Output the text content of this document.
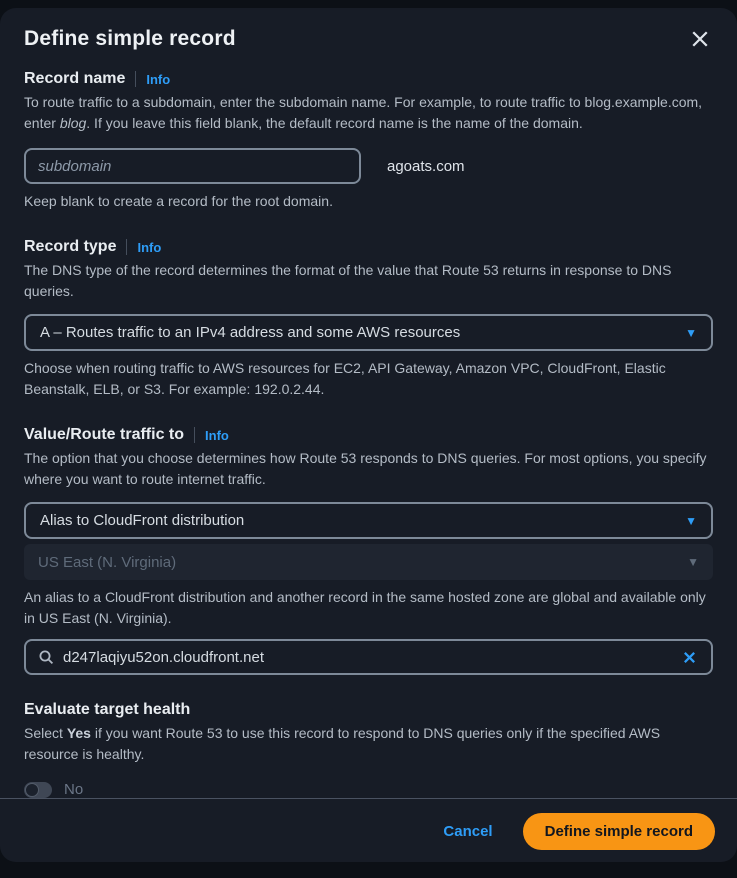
Define simple record
Record name Info

To route traffic to a subdomain, enter the subdomain name. For example, to route traffic to blog.example.com, enter blog. If you leave this field blank, the default record name is the name of the domain.

subdomain
agoats.com

Keep blank to create a record for the root domain.

Record type Info

The DNS type of the record determines the format of the value that Route 53 returns in response to DNS queries.

A – Routes traffic to an IPv4 address and some AWS resources	▼

Choose when routing traffic to AWS resources for EC2, API Gateway, Amazon VPC, CloudFront, Elastic Beanstalk, ELB, or S3. For example: 192.0.2.44.

Value/Route traffic to Info

The option that you choose determines how Route 53 responds to DNS queries. For most options, you specify where you want to route internet traffic.

Alias to CloudFront distribution	▼
US East (N. Virginia)	▼

An alias to a CloudFront distribution and another record in the same hosted zone are global and available only in US East (N. Virginia).

d247laqiyu52on.cloudfront.net
Evaluate target health

Select Yes if you want Route 53 to use this record to respond to DNS queries only if the specified AWS resource is healthy.

No
Cancel	Define simple record
